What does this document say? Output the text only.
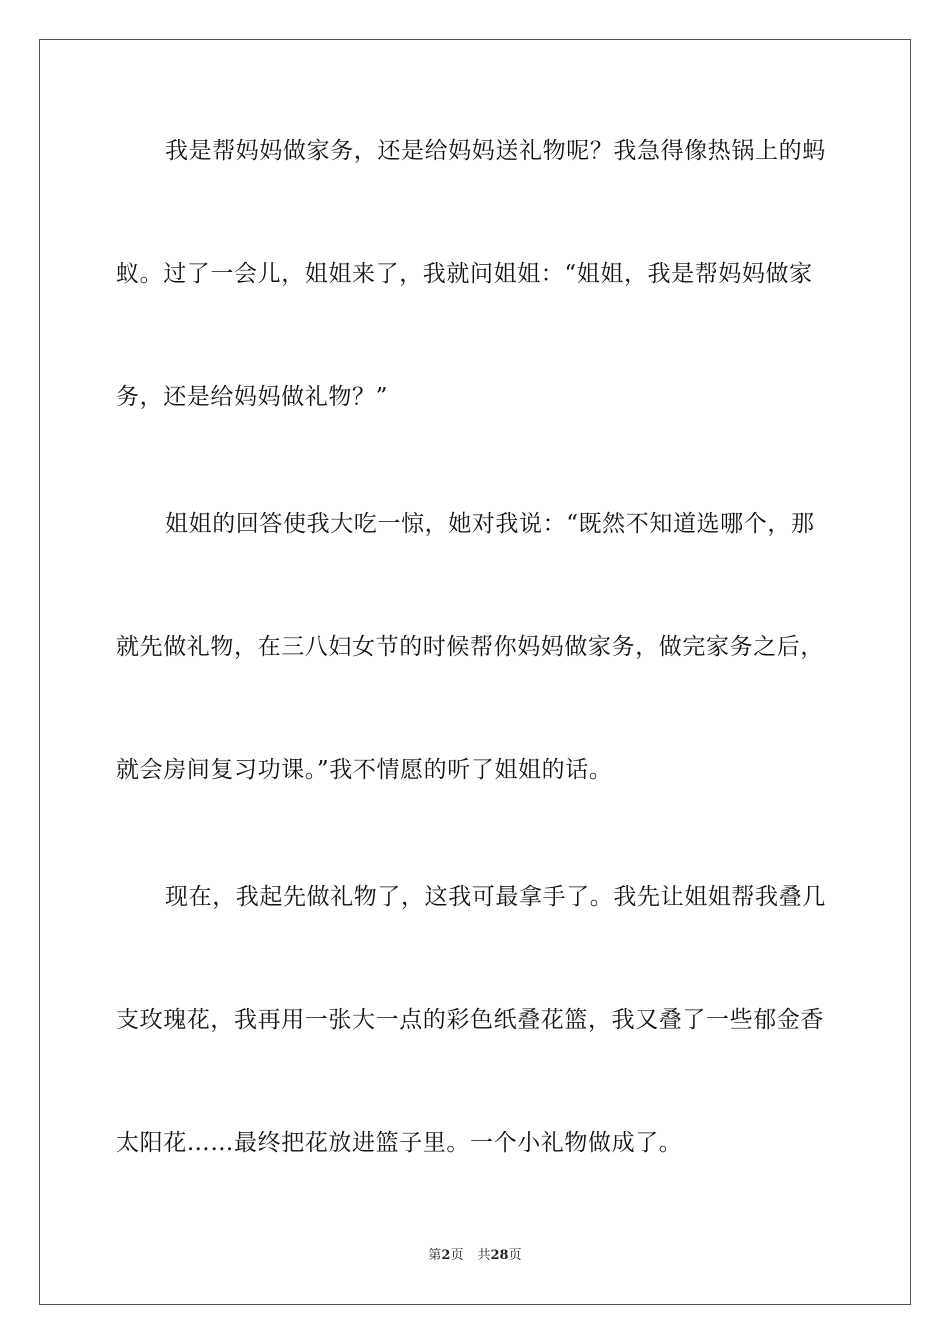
我是帮妈妈做家务，还是给妈妈送礼物呢？我急得像热锅上的蚂
蚁。过了一会儿，姐姐来了，我就问姐姐：“姐姐，我是帮妈妈做家
务，还是给妈妈做礼物？”
姐姐的回答使我大吃一惊，她对我说：“既然不知道选哪个，那
就先做礼物，在三八妇女节的时候帮你妈妈做家务，做完家务之后，
就会房间复习功课。”我不情愿的听了姐姐的话。
现在，我起先做礼物了，这我可最拿手了。我先让姐姐帮我叠几
支玫瑰花，我再用一张大一点的彩色纸叠花篮，我又叠了一些郁金香
太阳花……最终把花放进篮子里。一个小礼物做成了。
第2页 共28页
